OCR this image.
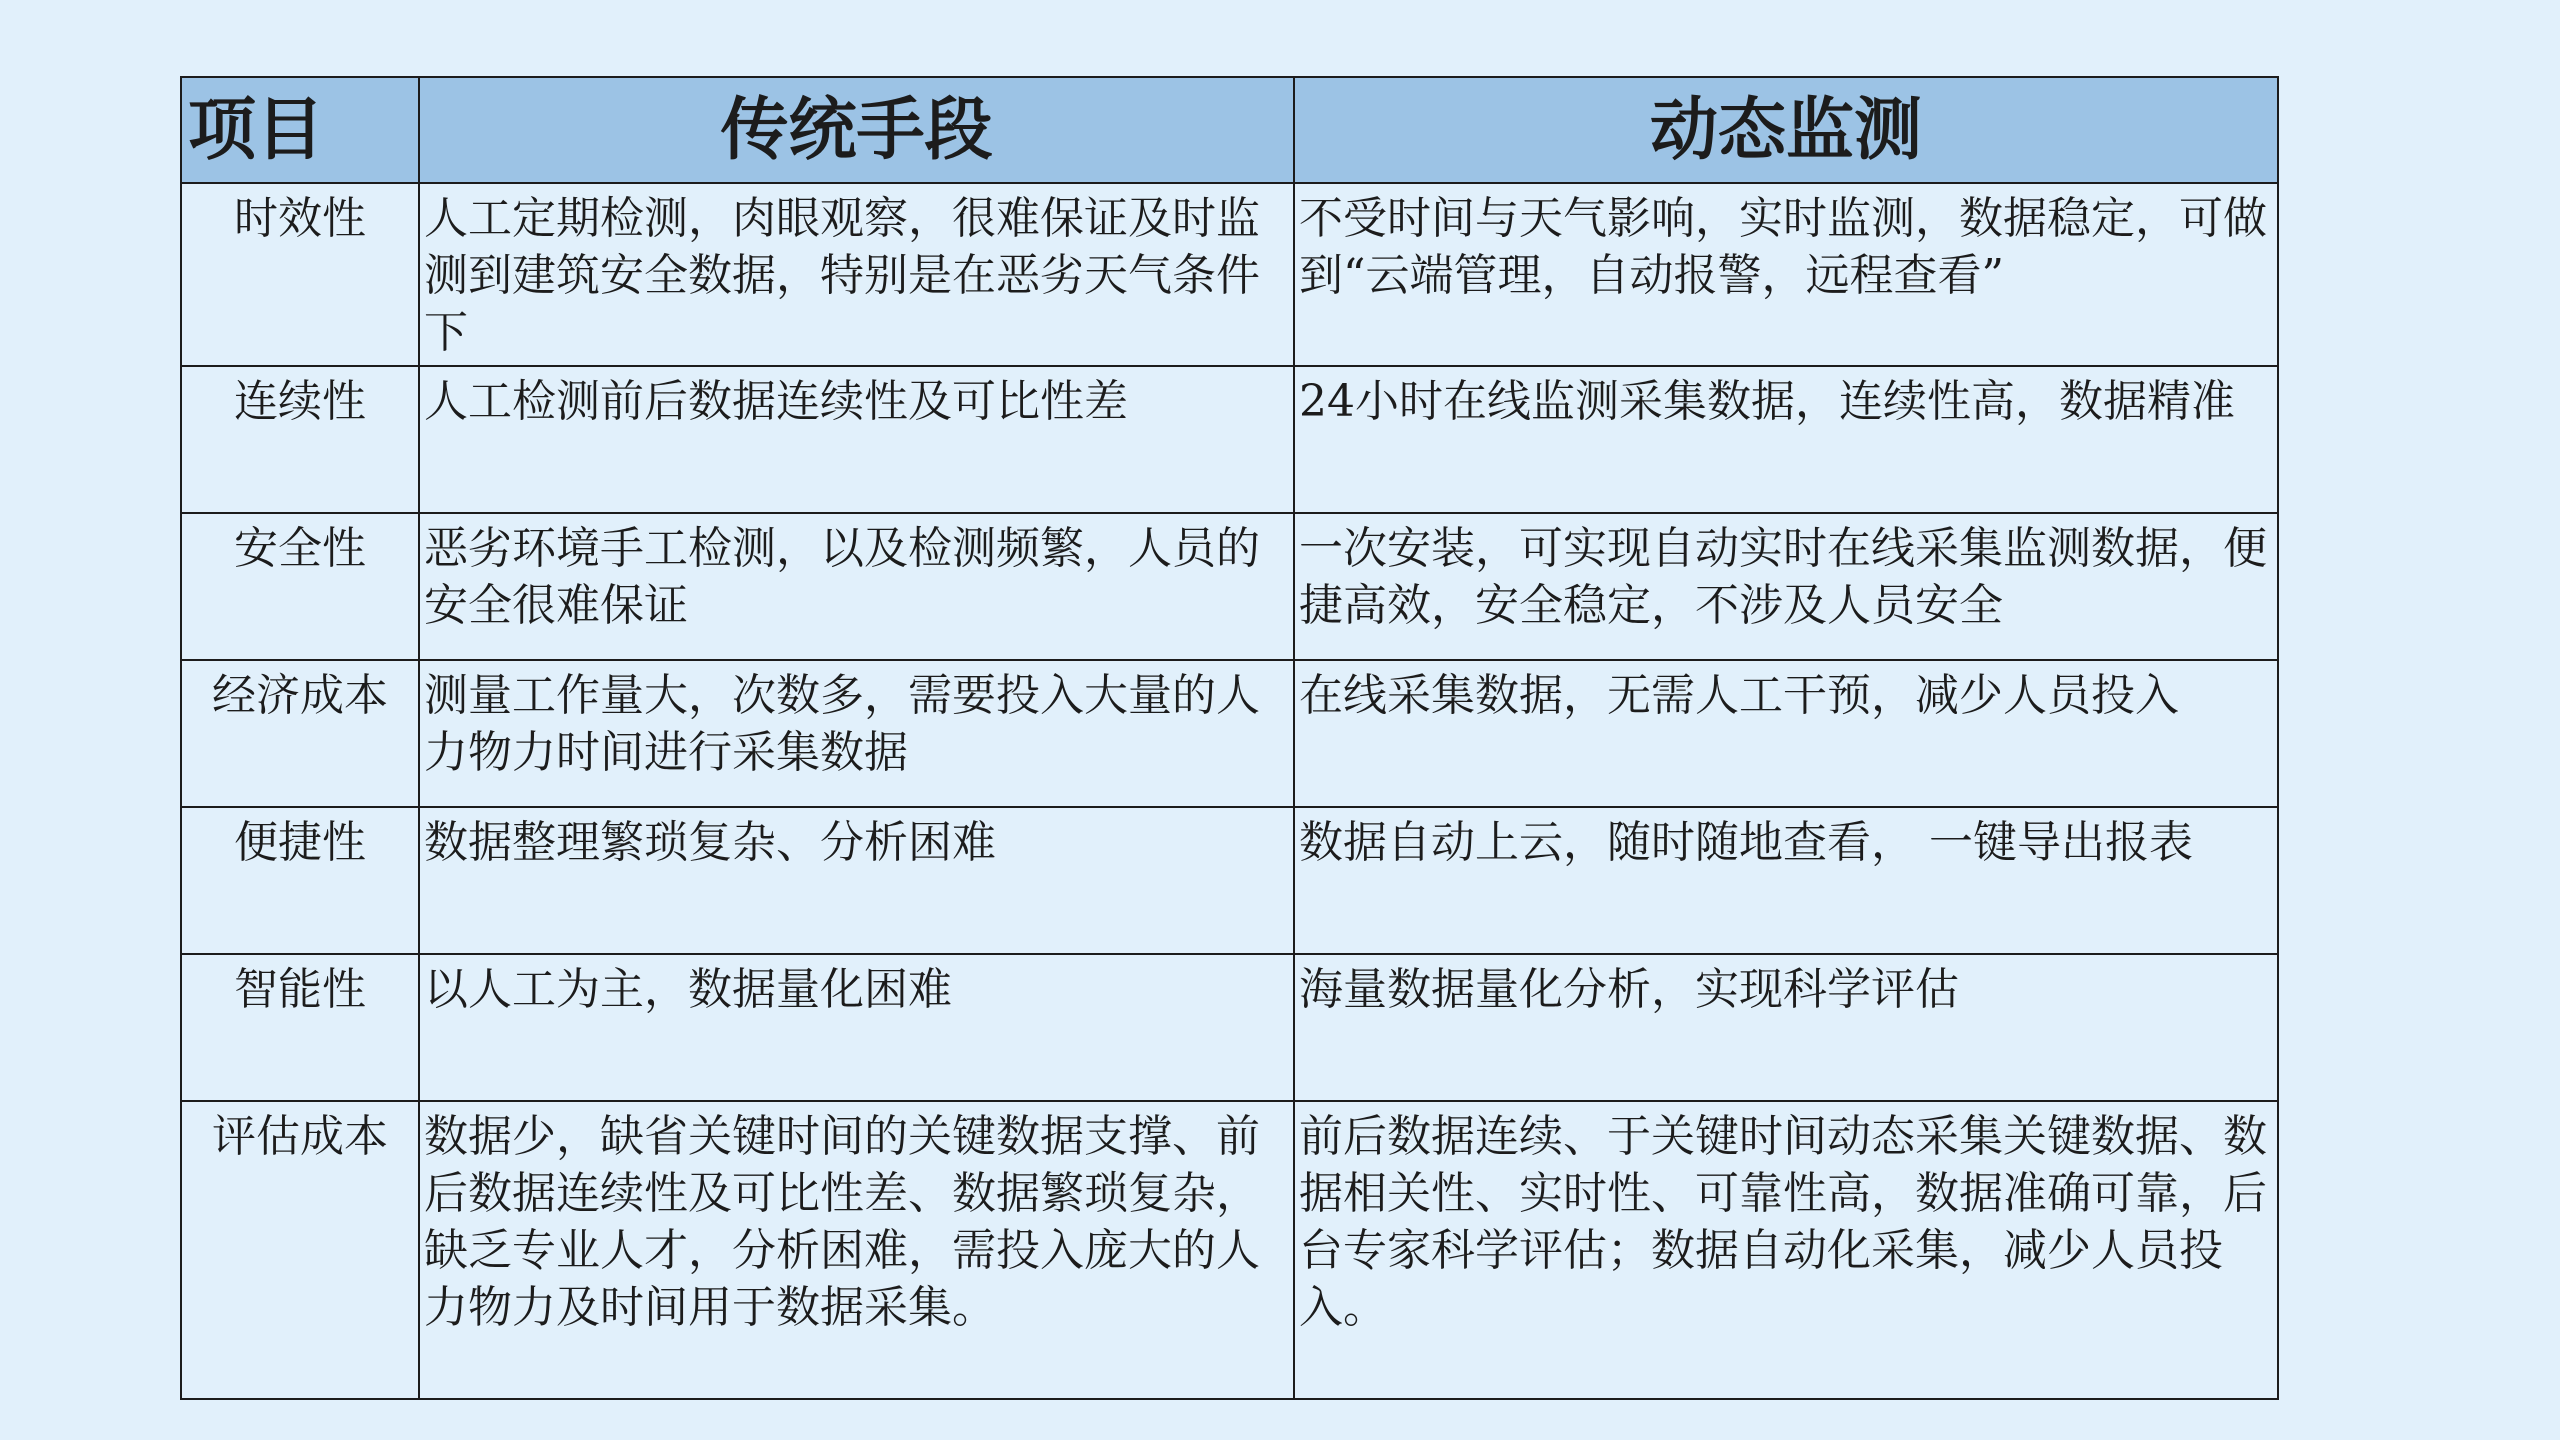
项目	传统手段	动态监测
时效性	人工定期检测，肉眼观察，很难保证及时监测到建筑安全数据，特别是在恶劣天气条件下	不受时间与天气影响，实时监测，数据稳定，可做到“云端管理，自动报警，远程查看”
连续性	人工检测前后数据连续性及可比性差	24小时在线监测采集数据，连续性高，数据精准
安全性	恶劣环境手工检测，以及检测频繁，人员的安全很难保证	一次安装，可实现自动实时在线采集监测数据，便捷高效，安全稳定，不涉及人员安全
经济成本	测量工作量大，次数多，需要投入大量的人力物力时间进行采集数据	在线采集数据，无需人工干预，减少人员投入
便捷性	数据整理繁琐复杂、分析困难	数据自动上云，随时随地查看， 一键导出报表
智能性	以人工为主，数据量化困难	海量数据量化分析，实现科学评估
评估成本	数据少，缺省关键时间的关键数据支撑、前后数据连续性及可比性差、数据繁琐复杂，缺乏专业人才，分析困难，需投入庞大的人力物力及时间用于数据采集。	前后数据连续、于关键时间动态采集关键数据、数据相关性、实时性、可靠性高，数据准确可靠，后台专家科学评估；数据自动化采集，减少人员投入。
